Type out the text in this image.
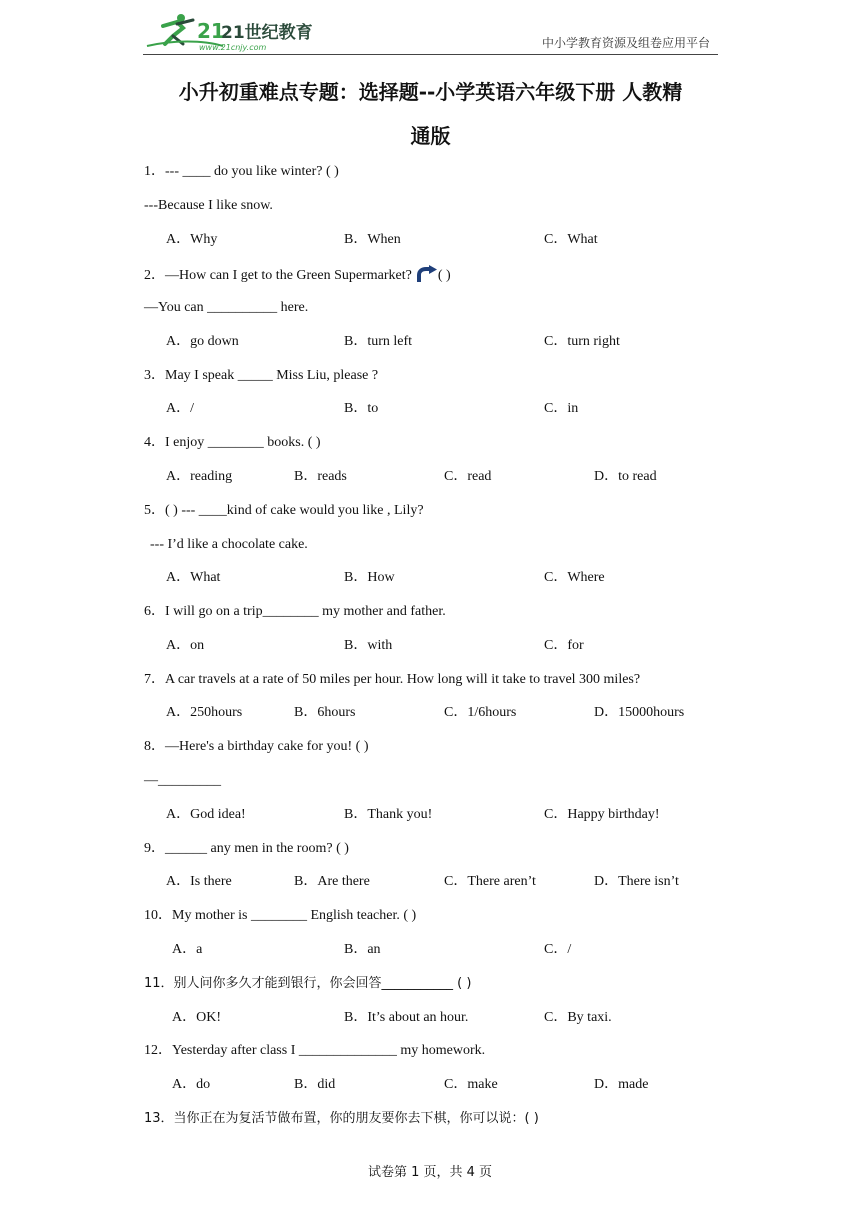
21
21世纪教育
www.21cnjy.com	中小学教育资源及组卷应用平台
小升初重难点专题：选择题--小学英语六年级下册 人教精
通版
1．--- ____ do you like winter? ( )
---Because I like snow.
A．Why	B．When	C．What
2．—How can I get to the Green Supermarket? ( )
—You can __________ here.
A．go down	B．turn left	C．turn right
3．May I speak _____ Miss Liu, please ?
A．/	B．to	C．in
4．I enjoy ________ books. ( )
A．reading	B．reads	C．read	D．to read
5．( ) --- ____kind of cake would you like , Lily?
--- I’d like a chocolate cake.
A．What	B．How	C．Where
6．I will go on a trip________ my mother and father.
A．on	B．with	C．for
7．A car travels at a rate of 50 miles per hour. How long will it take to travel 300 miles?
A．250hours	B．6hours	C．1/6hours	D．15000hours
8．—Here's a birthday cake for you! ( )
—_________
A．God idea!	B．Thank you!	C．Happy birthday!
9．______ any men in the room? ( )
A．Is there	B．Are there	C．There aren’t	D．There isn’t
10．My mother is ________ English teacher. ( )
A．a	B．an	C．/
11．别人问你多久才能到银行，你会回答___________ ( )
A．OK!	B．It’s about an hour.	C．By taxi.
12．Yesterday after class I ______________ my homework.
A．do	B．did	C．make	D．made
13．当你正在为复活节做布置，你的朋友要你去下棋，你可以说：( )
试卷第 1 页，共 4 页
